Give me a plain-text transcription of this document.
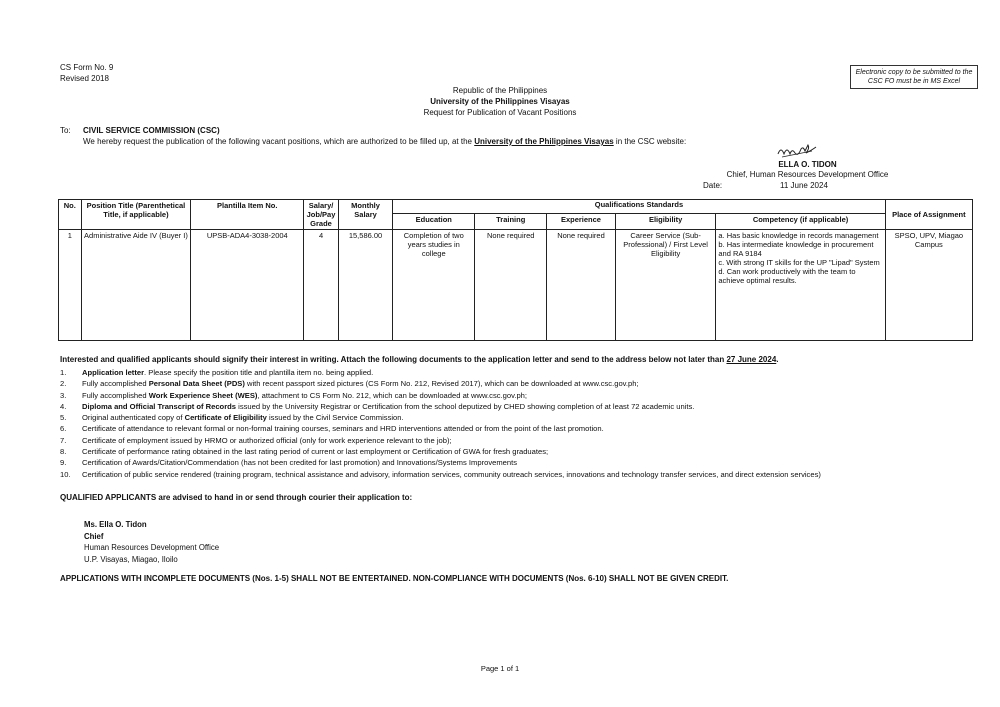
CS Form No. 9
Revised 2018
Electronic copy to be submitted to the CSC FO must be in MS Excel
Republic of the Philippines
University of the Philippines Visayas
Request for Publication of Vacant Positions
To: CIVIL SERVICE COMMISSION (CSC)
We hereby request the publication of the following vacant positions, which are authorized to be filled up, at the University of the Philippines Visayas in the CSC website:
ELLA O. TIDON
Chief, Human Resources Development Office
Date:	11 June 2024
No.	Position Title (Parenthetical Title, if applicable)	Plantilla Item No.	Salary/ Job/Pay Grade	Monthly Salary	Qualifications Standards					Place of Assignment
					Education	Training	Experience	Eligibility	Competency (if applicable)	
1	Administrative Aide IV (Buyer I)	UPSB-ADA4-3038-2004	4	15,586.00	Completion of two years studies in college	None required	None required	Career Service (Sub-Professional) / First Level Eligibility	a. Has basic knowledge in records management
b. Has intermediate knowledge in procurement and RA 9184
c. With strong IT skills for the UP "Lipad" System
d. Can work productively with the team to achieve optimal results.	SPSO, UPV, Miagao Campus
Interested and qualified applicants should signify their interest in writing. Attach the following documents to the application letter and send to the address below not later than 27 June 2024.
1.	Application letter. Please specify the position title and plantilla item no. being applied.
2.	Fully accomplished Personal Data Sheet (PDS) with recent passport sized pictures (CS Form No. 212, Revised 2017), which can be downloaded at www.csc.gov.ph;
3.	Fully accomplished Work Experience Sheet (WES), attachment to CS Form No. 212, which can be downloaded at www.csc.gov.ph;
4.	Diploma and Official Transcript of Records issued by the University Registrar or Certification from the school deputized by CHED showing completion of at least 72 academic units.
5.	Original authenticated copy of Certificate of Eligibility issued by the Civil Service Commission.
6.	Certificate of attendance to relevant formal or non-formal training courses, seminars and HRD interventions attended or from the point of the last promotion.
7.	Certificate of employment issued by HRMO or authorized official (only for work experience relevant to the job);
8.	Certificate of performance rating obtained in the last rating period of current or last employment or Certification of GWA for fresh graduates;
9.	Certification of Awards/Citation/Commendation (has not been credited for last promotion) and Innovations/Systems Improvements
10.	Certification of public service rendered (training program, technical assistance and advisory, information services, community outreach services, innovations and technology transfer services, and direct extension services)
QUALIFIED APPLICANTS are advised to hand in or send through courier their application to:
Ms. Ella O. Tidon
Chief
Human Resources Development Office
U.P. Visayas, Miagao, Iloilo
APPLICATIONS WITH INCOMPLETE DOCUMENTS (Nos. 1-5) SHALL NOT BE ENTERTAINED. NON-COMPLIANCE WITH DOCUMENTS (Nos. 6-10) SHALL NOT BE GIVEN CREDIT.
Page 1 of 1
